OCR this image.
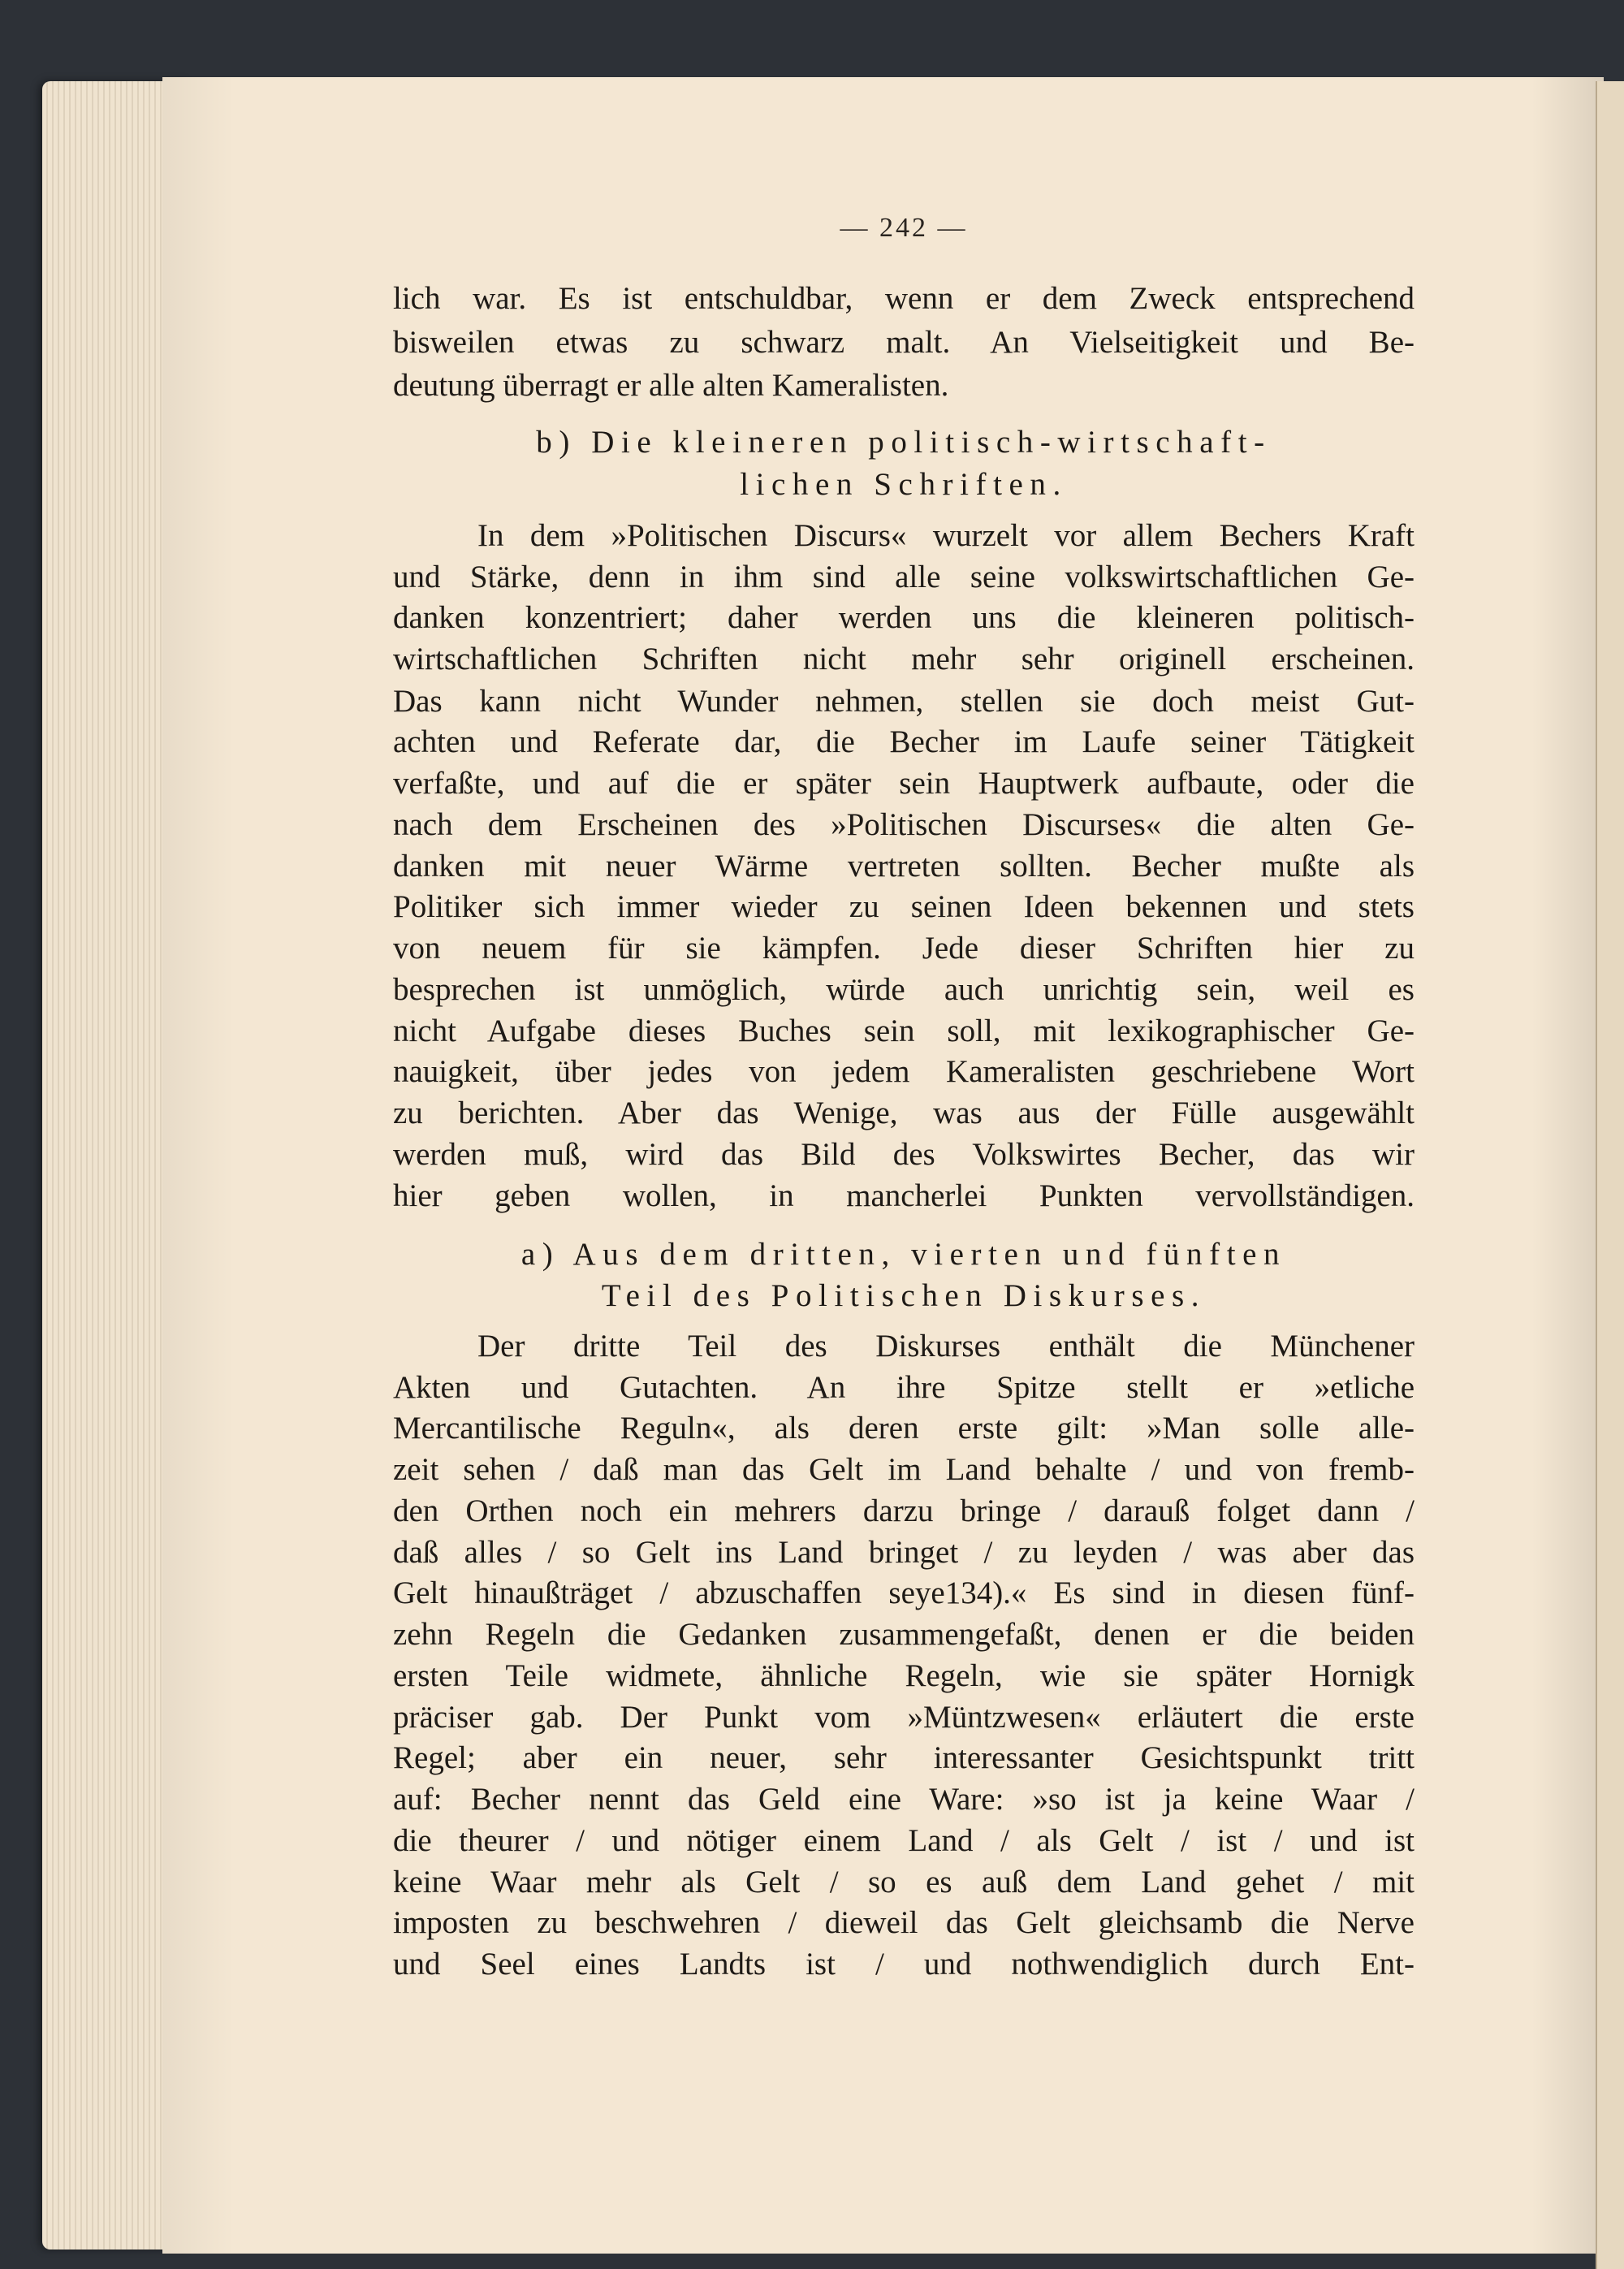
— 242 —
lich war. Es ist entschuldbar, wenn er dem Zweck entsprechend
bisweilen etwas zu schwarz malt. An Vielseitigkeit und Be-
deutung überragt er alle alten Kameralisten.
b) Die kleineren politisch-wirtschaft-
lichen Schriften.
In dem »Politischen Discurs« wurzelt vor allem Bechers Kraft
und Stärke, denn in ihm sind alle seine volkswirtschaftlichen Ge-
danken konzentriert; daher werden uns die kleineren politisch-
wirtschaftlichen Schriften nicht mehr sehr originell erscheinen.
Das kann nicht Wunder nehmen, stellen sie doch meist Gut-
achten und Referate dar, die Becher im Laufe seiner Tätigkeit
verfaßte, und auf die er später sein Hauptwerk aufbaute, oder die
nach dem Erscheinen des »Politischen Discurses« die alten Ge-
danken mit neuer Wärme vertreten sollten. Becher mußte als
Politiker sich immer wieder zu seinen Ideen bekennen und stets
von neuem für sie kämpfen. Jede dieser Schriften hier zu
besprechen ist unmöglich, würde auch unrichtig sein, weil es
nicht Aufgabe dieses Buches sein soll, mit lexikographischer Ge-
nauigkeit, über jedes von jedem Kameralisten geschriebene Wort
zu berichten. Aber das Wenige, was aus der Fülle ausgewählt
werden muß, wird das Bild des Volkswirtes Becher, das wir
hier geben wollen, in mancherlei Punkten vervollständigen.
a) Aus dem dritten, vierten und fünften
Teil des Politischen Diskurses.
Der dritte Teil des Diskurses enthält die Münchener
Akten und Gutachten. An ihre Spitze stellt er »etliche
Mercantilische Reguln«, als deren erste gilt: »Man solle alle-
zeit sehen / daß man das Gelt im Land behalte / und von fremb-
den Orthen noch ein mehrers darzu bringe / darauß folget dann /
daß alles / so Gelt ins Land bringet / zu leyden / was aber das
Gelt hinaußträget / abzuschaffen seye134).« Es sind in diesen fünf-
zehn Regeln die Gedanken zusammengefaßt, denen er die beiden
ersten Teile widmete, ähnliche Regeln, wie sie später Hornigk
präciser gab. Der Punkt vom »Müntzwesen« erläutert die erste
Regel; aber ein neuer, sehr interessanter Gesichtspunkt tritt
auf: Becher nennt das Geld eine Ware: »so ist ja keine Waar /
die theurer / und nötiger einem Land / als Gelt / ist / und ist
keine Waar mehr als Gelt / so es auß dem Land gehet / mit
imposten zu beschwehren / dieweil das Gelt gleichsamb die Nerve
und Seel eines Landts ist / und nothwendiglich durch Ent-
